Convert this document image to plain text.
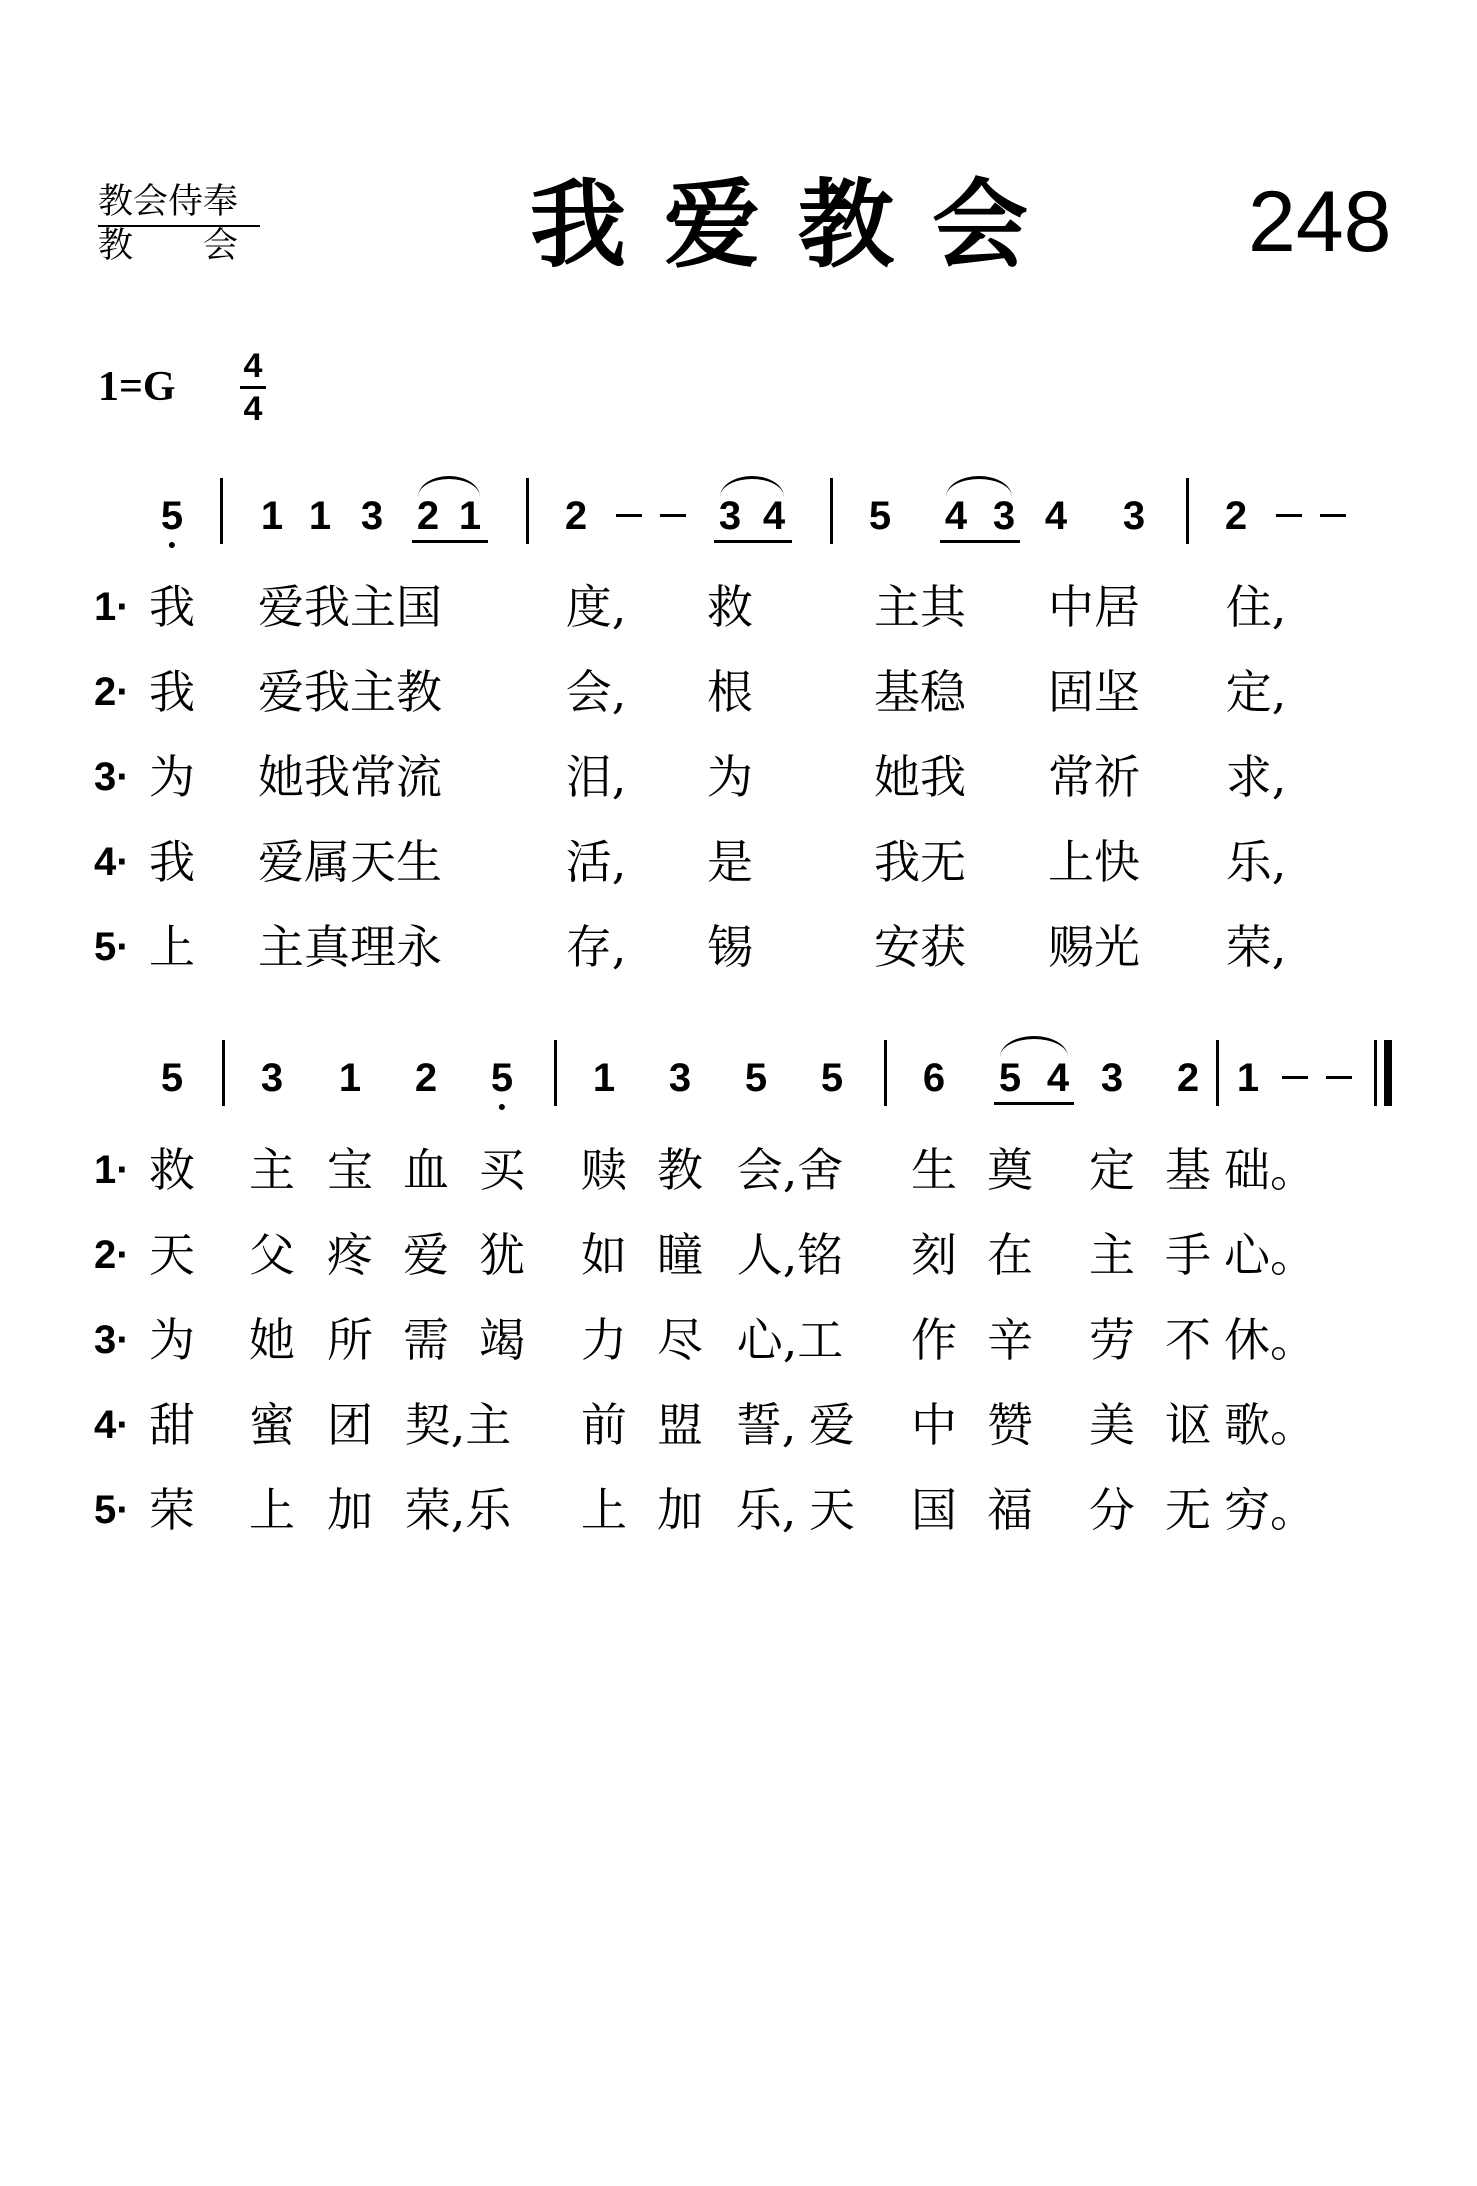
教会侍奉
教　　会	我爱教会 248
1=G 4
4
5 1 1 3 2 1 2	3 4 5 4 3 4 3 2
1· 我 爱我主国	度, 救	主其 中居 住,
2· 我 爱我主教	会, 根	基稳 固坚 定,
3· 为 她我常流	泪, 为	她我 常祈 求,
4· 我 爱属天生	活, 是	我无 上快 乐,
5· 上 主真理永	存, 锡	安获 赐光 荣,
5 3 1 2 5 1 3 5 5 6 5 4 3 2 1
1· 救 主 宝 血 买 赎 教 会,舍 生 奠 定 基 础。
2· 天 父 疼 爱 犹 如 瞳 人,铭 刻 在 主 手 心。
3· 为 她 所 需 竭 力 尽 心,工 作 辛 劳 不 休。
4· 甜 蜜 团 契,主 前 盟 誓, 爱 中 赞 美 讴 歌。
5· 荣 上 加 荣,乐 上 加 乐, 天 国 福 分 无 穷。
